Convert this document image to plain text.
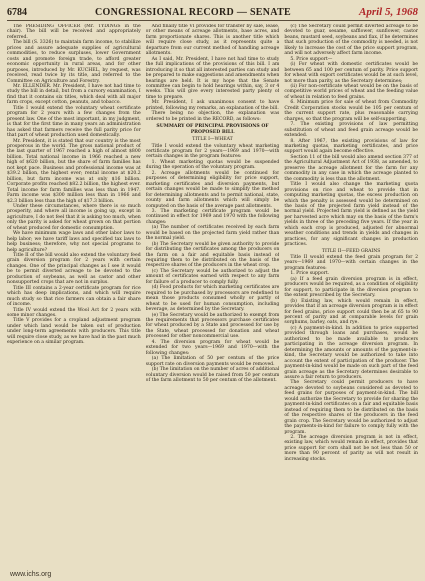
6784	CONGRESSIONAL RECORD — SENATE	April 5, 1968

The PRESIDING OFFICER (Mr. TYDINGS in the chair). The bill will be received and appropriately referred.

The bill (S. 3326) to maintain farm income, to stabilize prices and assure adequate supplies of agricultural commodities, to reduce surpluses, lower Government costs and promote foreign trade, to afford greater economic opportunity in rural areas, and for other purposes, introduced by Mr. KUCHEL, by request, was received, read twice by its title, and referred to the Committee on Agriculture and Forestry.

Mr. ELLENDER. Mr. President, I have not had time to study the bill in detail, but from a cursory examination, I find that it contains six titles, which deal with all major farm crops, except cotton, peanuts, and tobacco.

Title I would extend the voluntary wheat certificate program for 2 years with a few changes from the present law. One of the most important, in my judgment, is that for the first time in many years an administration has asked that farmers receive the full parity price for that part of wheat production used domestically.

Mr. President, it is stated that our country is the most prosperous in the world. The gross national product of the last quarter of 1967 reached a high of almost $800 billion. Total national income in 1966 reached a new high of $620 billion, but the share of farm families has not kept pace. Business and professional income was at $39.2 billion, the highest ever; rental income at $20.2 billion, but farm income was at only $16 billion. Corporate profits reached $82.2 billion, the highest ever. Total income for farm families was less than in 1947. Farm income was $300 million less than in 1966 and $2.3 billion less than the high of $17.3 billion.

Under these circumstances, where there is so much prosperity, and where all income is going up, except in agriculture, I do not feel that it is asking too much, when only the parity is asked for wheat grown on that portion of wheat produced for domestic consumption.

We have minimum wage laws and other labor laws to help labor; we have tariff laws and specified tax laws to help business; therefore, why not special programs to help agriculture?

Title II of the bill would also extend the voluntary feed grain diversion program for 2 years with certain changes. One of the principal changes as I see it would be to permit diverted acreage to be devoted to the production of soybeans, as well as castor and other nonsupported crops that are not in surplus.

Title III contains a 2-year certificate program for rice which has deep implications, and which will require much study so that rice farmers can obtain a fair share of income.

Title IV would extend the Wool Act for 2 years with some minor changes.

Title V provides for a cropland adjustment program under which land would be taken out of production under long-term agreements with producers. This title will require close study, as we have had in the past much experience on a similar program.

And finally title VI provides for transfer by sale, lease, or other means of acreage allotments, base acres, and farm proportionate shares. This is another title which will require close study, as it represents quite a departure from our current method of handling acreage allotments.

As I said, Mr. President, I have not had time to study the full implications of the provisions of this bill. I am introducing it so that all interested parties can study and be prepared to make suggestions and amendments when hearings are held. It is my hope that the Senate committee can begin to hold hearings within, say, 3 or 4 weeks. This will give every interested party plenty of time to prepare.

Mr. President, I ask unanimous consent to have printed, following my remarks, an explanation of the bill.

There being no objection, the explanation was ordered to be printed in the RECORD, as follows:

SUMMARY OF PRINCIPAL PROVISIONS OF PROPOSED BILL

TITLE I—WHEAT

Title I would extend the voluntary wheat marketing certificate program for 2 years—1969 and 1970—with certain changes in the program features:

1. Wheat marketing quotas would be suspended during the operation of the voluntary program.

2. Acreage allotments would be continued for purposes of determining eligibility for price support, marketing certificates and diversion payments, but certain changes would be made to simplify the method for determining allotments and to permit national, state, county and farm allotments which will simply be computed on the basis of the average past allotments.

3. The marketing certificate program would be continued in effect for 1969 and 1970 with the following changes:

(a) The number of certificates received by each farm would be based on the projected farm yield rather than the normal yield.

(b) The Secretary would be given authority to provide for distributing the certificates among the producers on the farm on a fair and equitable basis instead of requiring them to be distributed on the basis of the respective shares of the producers in the wheat crop.

(c) The Secretary would be authorized to adjust the amount of certificates earned with respect to any farm for failure of a producer to comply fully.

(d) Food products for which marketing certificates are required to be purchased by processors are redefined to mean those products consumed wholly or partly of wheat to be used for human consumption, including beverage, as determined by the Secretary.

(e) The Secretary would be authorized to exempt from the requirements that processors purchase certificates for wheat produced by a State and processed for use by the State, wheat processed for donation and wheat processed for other noncommercial use.

4. The diversion program for wheat would be extended for two years—1969 and 1970—with the following changes:

(a) The limitation of 50 per centum of the price support rate on diversion payments would be removed.

(b) The limitation on the number of acres of additional voluntary diversion would be raised from 50 per centum of the farm allotment to 50 per centum of the allotment.

(c) The Secretary could permit diverted acreage to be devoted to guar, sesame, safflower, sunflower, castor beans, mustard seed, soybeans and flax, if he determines that such production of the commodity is needed, is not likely to increase the cost of the price support program, and will not adversely affect farm income.

5. Price support—

(i) For wheat with domestic certificates would be between 65 and 100 per centum of parity. Price support for wheat with export certificates would be at such level, not more than parity, as the Secretary determines;

(ii) For non-certificate wheat would be on the basis of competitive world prices of wheat and the feeding value of wheat in relation to feed grains.

6. Minimum price for sale of wheat from Commodity Credit Corporation stocks would be 105 per centum of the current support rate, plus reasonable carrying charges, so that the program will be self-supporting.

7. The existing provisions of law permitting substitution of wheat and feed grain acreage would be extended.

8. After 1967, the existing provisions of law for marketing quotas, marketing certificates, and price support would again become effective.

Section 11 of the bill would also amend section 377 of the Agricultural Adjustment Act of 1938, as amended, to preserve the acreage allotment for the farm for any commodity in any case in which the acreage planted to the commodity is less than the allotment.

Title I would also change the marketing quota provisions on rice and wheat to provide that in computing marketing quotas, the excess production on which the penalty is assessed would be determined on the basis of the projected farm yield instead of the normal yield. Projected farm yield is defined as the yield per harvested acre which may on the basis of the farm's yields in three of the preceding five years. If the year in which each crop is produced, adjusted for abnormal weather conditions and trends in yields and changes in practices, for any significant changes in production practices.

TITLE II—FEED GRAINS

Title II would extend the feed grain program for 2 years—1969 and 1970—with certain changes in the program features:

1. Price support.

(a) If a feed grain diversion program is in effect, producers would be required, as a condition of eligibility for support, to participate in the diversion program to the extent prescribed by the Secretary.

(b) Existing law, which would remain in effect, provides that if an acreage diversion program is in effect for feed grains, price support could then be at 65 to 90 percent of parity and at comparable levels for grain sorghums, barley, oats, and rye.

(c) A payment-in-kind. In addition to price supported provided through loans and purchases, would be authorized to be made available to producers participating in the acreage diversion program. In determining the amounts or amounts of the payment-in-kind, the Secretary would be authorized to take into account the extent of participation of the producer. The payment-in-kind would be made on such part of the feed grain acreage as the Secretary determines desirable to assure a fair return to producers.

The Secretary could permit producers to have acreage devoted to soybeans considered as devoted to feed grains for purposes of payment-in-kind. The bill would authorize the Secretary to provide for sharing the payment-in-kind certificates on a fair and equitable basis instead of requiring them to be distributed on the basis of the respective shares of the producers in the feed grain crop. The Secretary would be authorized to adjust the payments-in-kind for failure to comply fully with the program.

2. The acreage diversion program is not in effect, existing law, which would remain in effect, provides that price support for corn shall not be not less than 50 or more than 90 percent of parity as will not result in increasing stocks.

www.ichs.org
